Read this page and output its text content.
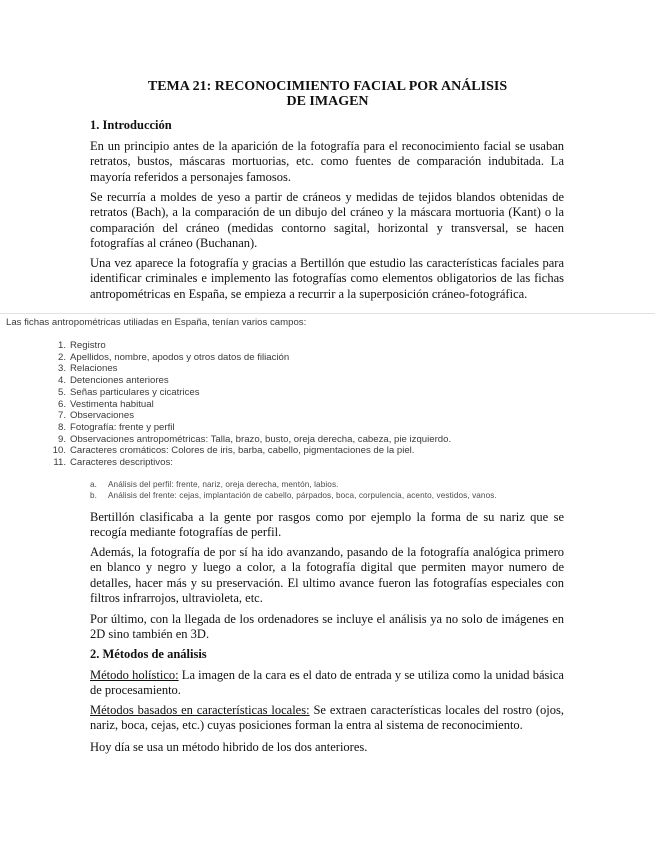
TEMA 21: RECONOCIMIENTO FACIAL POR ANÁLISIS
DE IMAGEN
1. Introducción

En un principio antes de la aparición de la fotografía para el reconocimiento facial se usaban retratos, bustos, máscaras mortuorias, etc. como fuentes de comparación indubitada. La mayoría referidos a personajes famosos.

Se recurría a moldes de yeso a partir de cráneos y medidas de tejidos blandos obtenidas de retratos (Bach), a la comparación de un dibujo del cráneo y la máscara mortuoria (Kant) o la comparación del cráneo (medidas contorno sagital, horizontal y transversal, se hacen fotografías al cráneo (Buchanan).

Una vez aparece la fotografía y gracias a Bertillón que estudio las características faciales para identificar criminales e implemento las fotografías como elementos obligatorios de las fichas antropométricas en España, se empieza a recurrir a la superposición cráneo-fotográfica.

Las fichas antropométricas utiliadas en España, tenían varios campos:
1. Registro
2. Apellidos, nombre, apodos y otros datos de filiación
3. Relaciones
4. Detenciones anteriores
5. Señas particulares y cicatrices
6. Vestimenta habitual
7. Observaciones
8. Fotografía: frente y perfil
9. Observaciones antropométricas: Talla, brazo, busto, oreja derecha, cabeza, pie izquierdo.
10. Caracteres cromáticos: Colores de iris, barba, cabello, pigmentaciones de la piel.
11. Caracteres descriptivos:
a. Análisis del perfil: frente, nariz, oreja derecha, mentón, labios.
b. Análisis del frente: cejas, implantación de cabello, párpados, boca, corpulencia, acento, vestidos, vanos.

Bertillón clasificaba a la gente por rasgos como por ejemplo la forma de su nariz que se recogía mediante fotografías de perfil.

Además, la fotografía de por sí ha ido avanzando, pasando de la fotografía analógica primero en blanco y negro y luego a color, a la fotografía digital que permiten mayor numero de detalles, hacer más y su preservación. El ultimo avance fueron las fotografías especiales con filtros infrarrojos, ultravioleta, etc.

Por último, con la llegada de los ordenadores se incluye el análisis ya no solo de imágenes en 2D sino también en 3D.

2. Métodos de análisis

Método holístico: La imagen de la cara es el dato de entrada y se utiliza como la unidad básica de procesamiento.

Métodos basados en características locales: Se extraen características locales del rostro (ojos, nariz, boca, cejas, etc.) cuyas posiciones forman la entra al sistema de reconocimiento.

Hoy día se usa un método hibrido de los dos anteriores.
